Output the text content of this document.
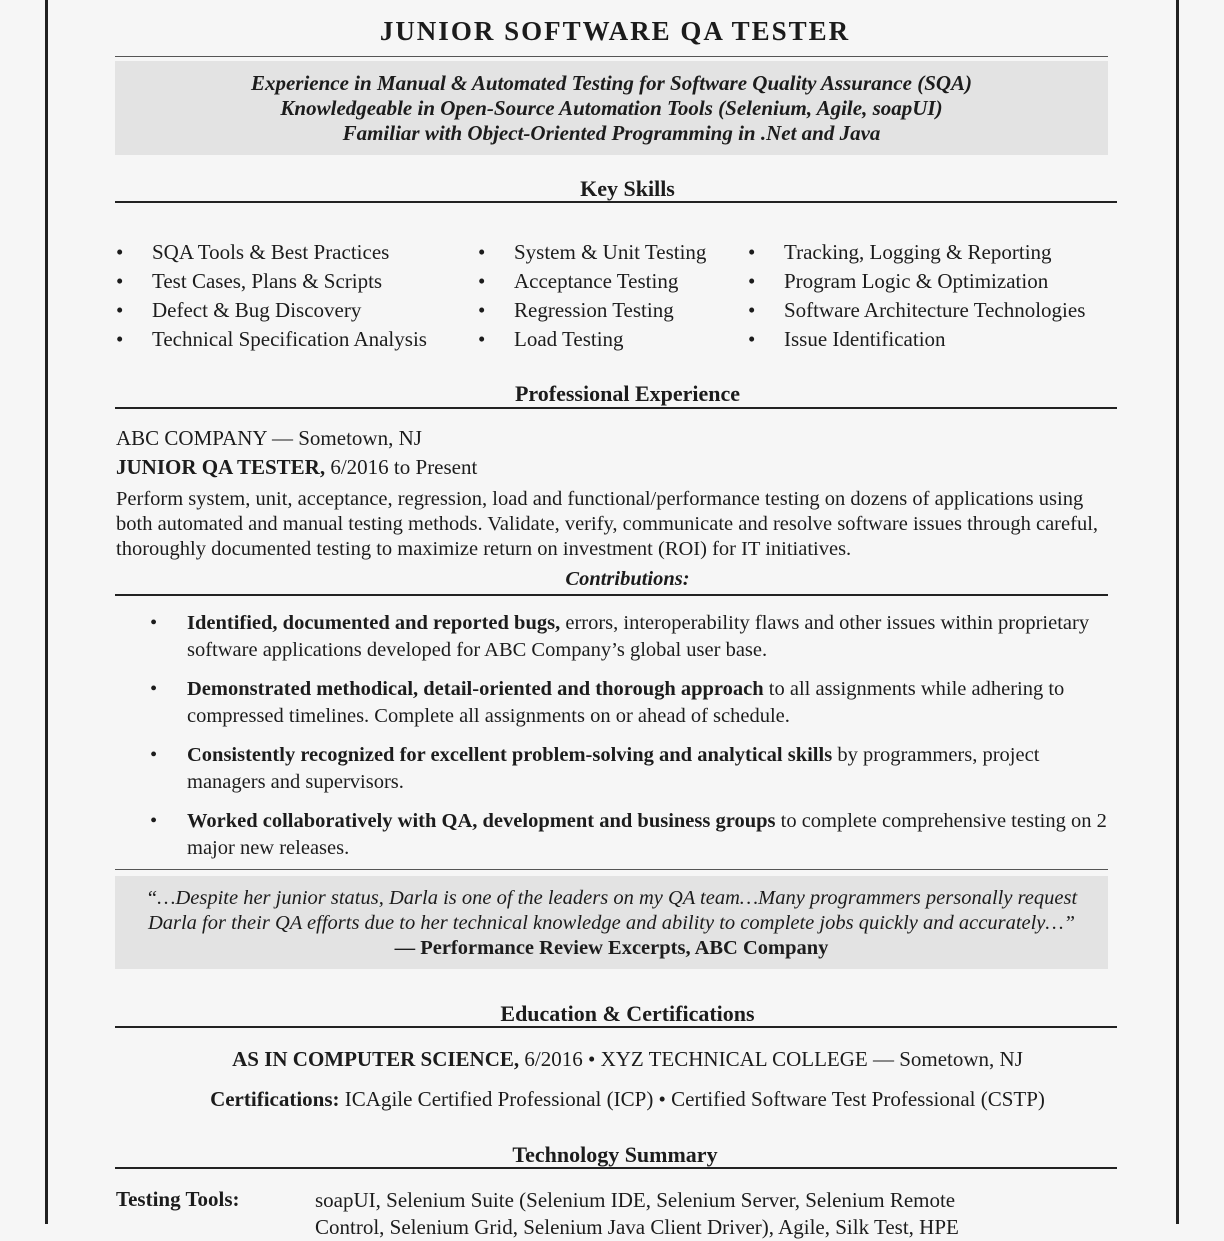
JUNIOR SOFTWARE QA TESTER
Experience in Manual & Automated Testing for Software Quality Assurance (SQA)
Knowledgeable in Open-Source Automation Tools (Selenium, Agile, soapUI)
Familiar with Object-Oriented Programming in .Net and Java
Key Skills
• SQA Tools & Best Practices
• Test Cases, Plans & Scripts
• Defect & Bug Discovery
• Technical Specification Analysis
• System & Unit Testing
• Acceptance Testing
• Regression Testing
• Load Testing
• Tracking, Logging & Reporting
• Program Logic & Optimization
• Software Architecture Technologies
• Issue Identification
Professional Experience
ABC COMPANY — Sometown, NJ
JUNIOR QA TESTER, 6/2016 to Present
Perform system, unit, acceptance, regression, load and functional/performance testing on dozens of applications using both automated and manual testing methods. Validate, verify, communicate and resolve software issues through careful, thoroughly documented testing to maximize return on investment (ROI) for IT initiatives.
Contributions:
• Identified, documented and reported bugs, errors, interoperability flaws and other issues within proprietary software applications developed for ABC Company’s global user base.
• Demonstrated methodical, detail-oriented and thorough approach to all assignments while adhering to compressed timelines. Complete all assignments on or ahead of schedule.
• Consistently recognized for excellent problem-solving and analytical skills by programmers, project managers and supervisors.
• Worked collaboratively with QA, development and business groups to complete comprehensive testing on 2 major new releases.
“…Despite her junior status, Darla is one of the leaders on my QA team…Many programmers personally request Darla for their QA efforts due to her technical knowledge and ability to complete jobs quickly and accurately…” — Performance Review Excerpts, ABC Company
Education & Certifications
AS IN COMPUTER SCIENCE, 6/2016 • XYZ TECHNICAL COLLEGE — Sometown, NJ
Certifications: ICAgile Certified Professional (ICP) • Certified Software Test Professional (CSTP)
Technology Summary
Testing Tools:	soapUI, Selenium Suite (Selenium IDE, Selenium Server, Selenium Remote
Control, Selenium Grid, Selenium Java Client Driver), Agile, Silk Test, HPE
